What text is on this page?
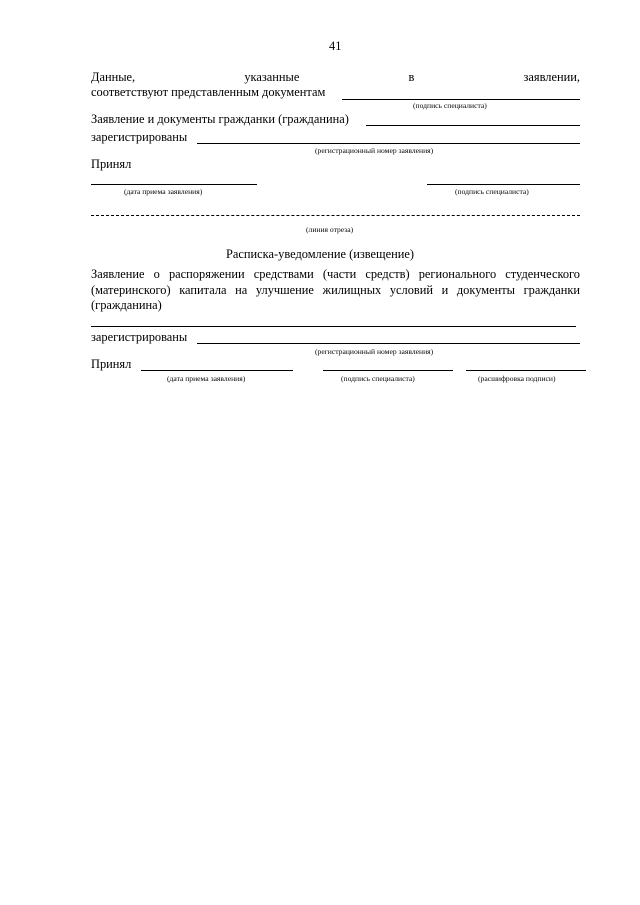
41
Данные,	указанные	в	заявлении,
соответствуют представленным документам
(подпись специалиста)
Заявление и документы гражданки (гражданина)
зарегистрированы
(регистрационный номер заявления)
Принял
(дата приема заявления)	(подпись специалиста)
(линия отреза)
Расписка-уведомление (извещение)
Заявление о распоряжении средствами (части средств) регионального студенческого (материнского) капитала на улучшение жилищных условий и документы гражданки (гражданина)
зарегистрированы
(регистрационный номер заявления)
Принял
(дата приема заявления)	(подпись специалиста)	(расшифровка подписи)
